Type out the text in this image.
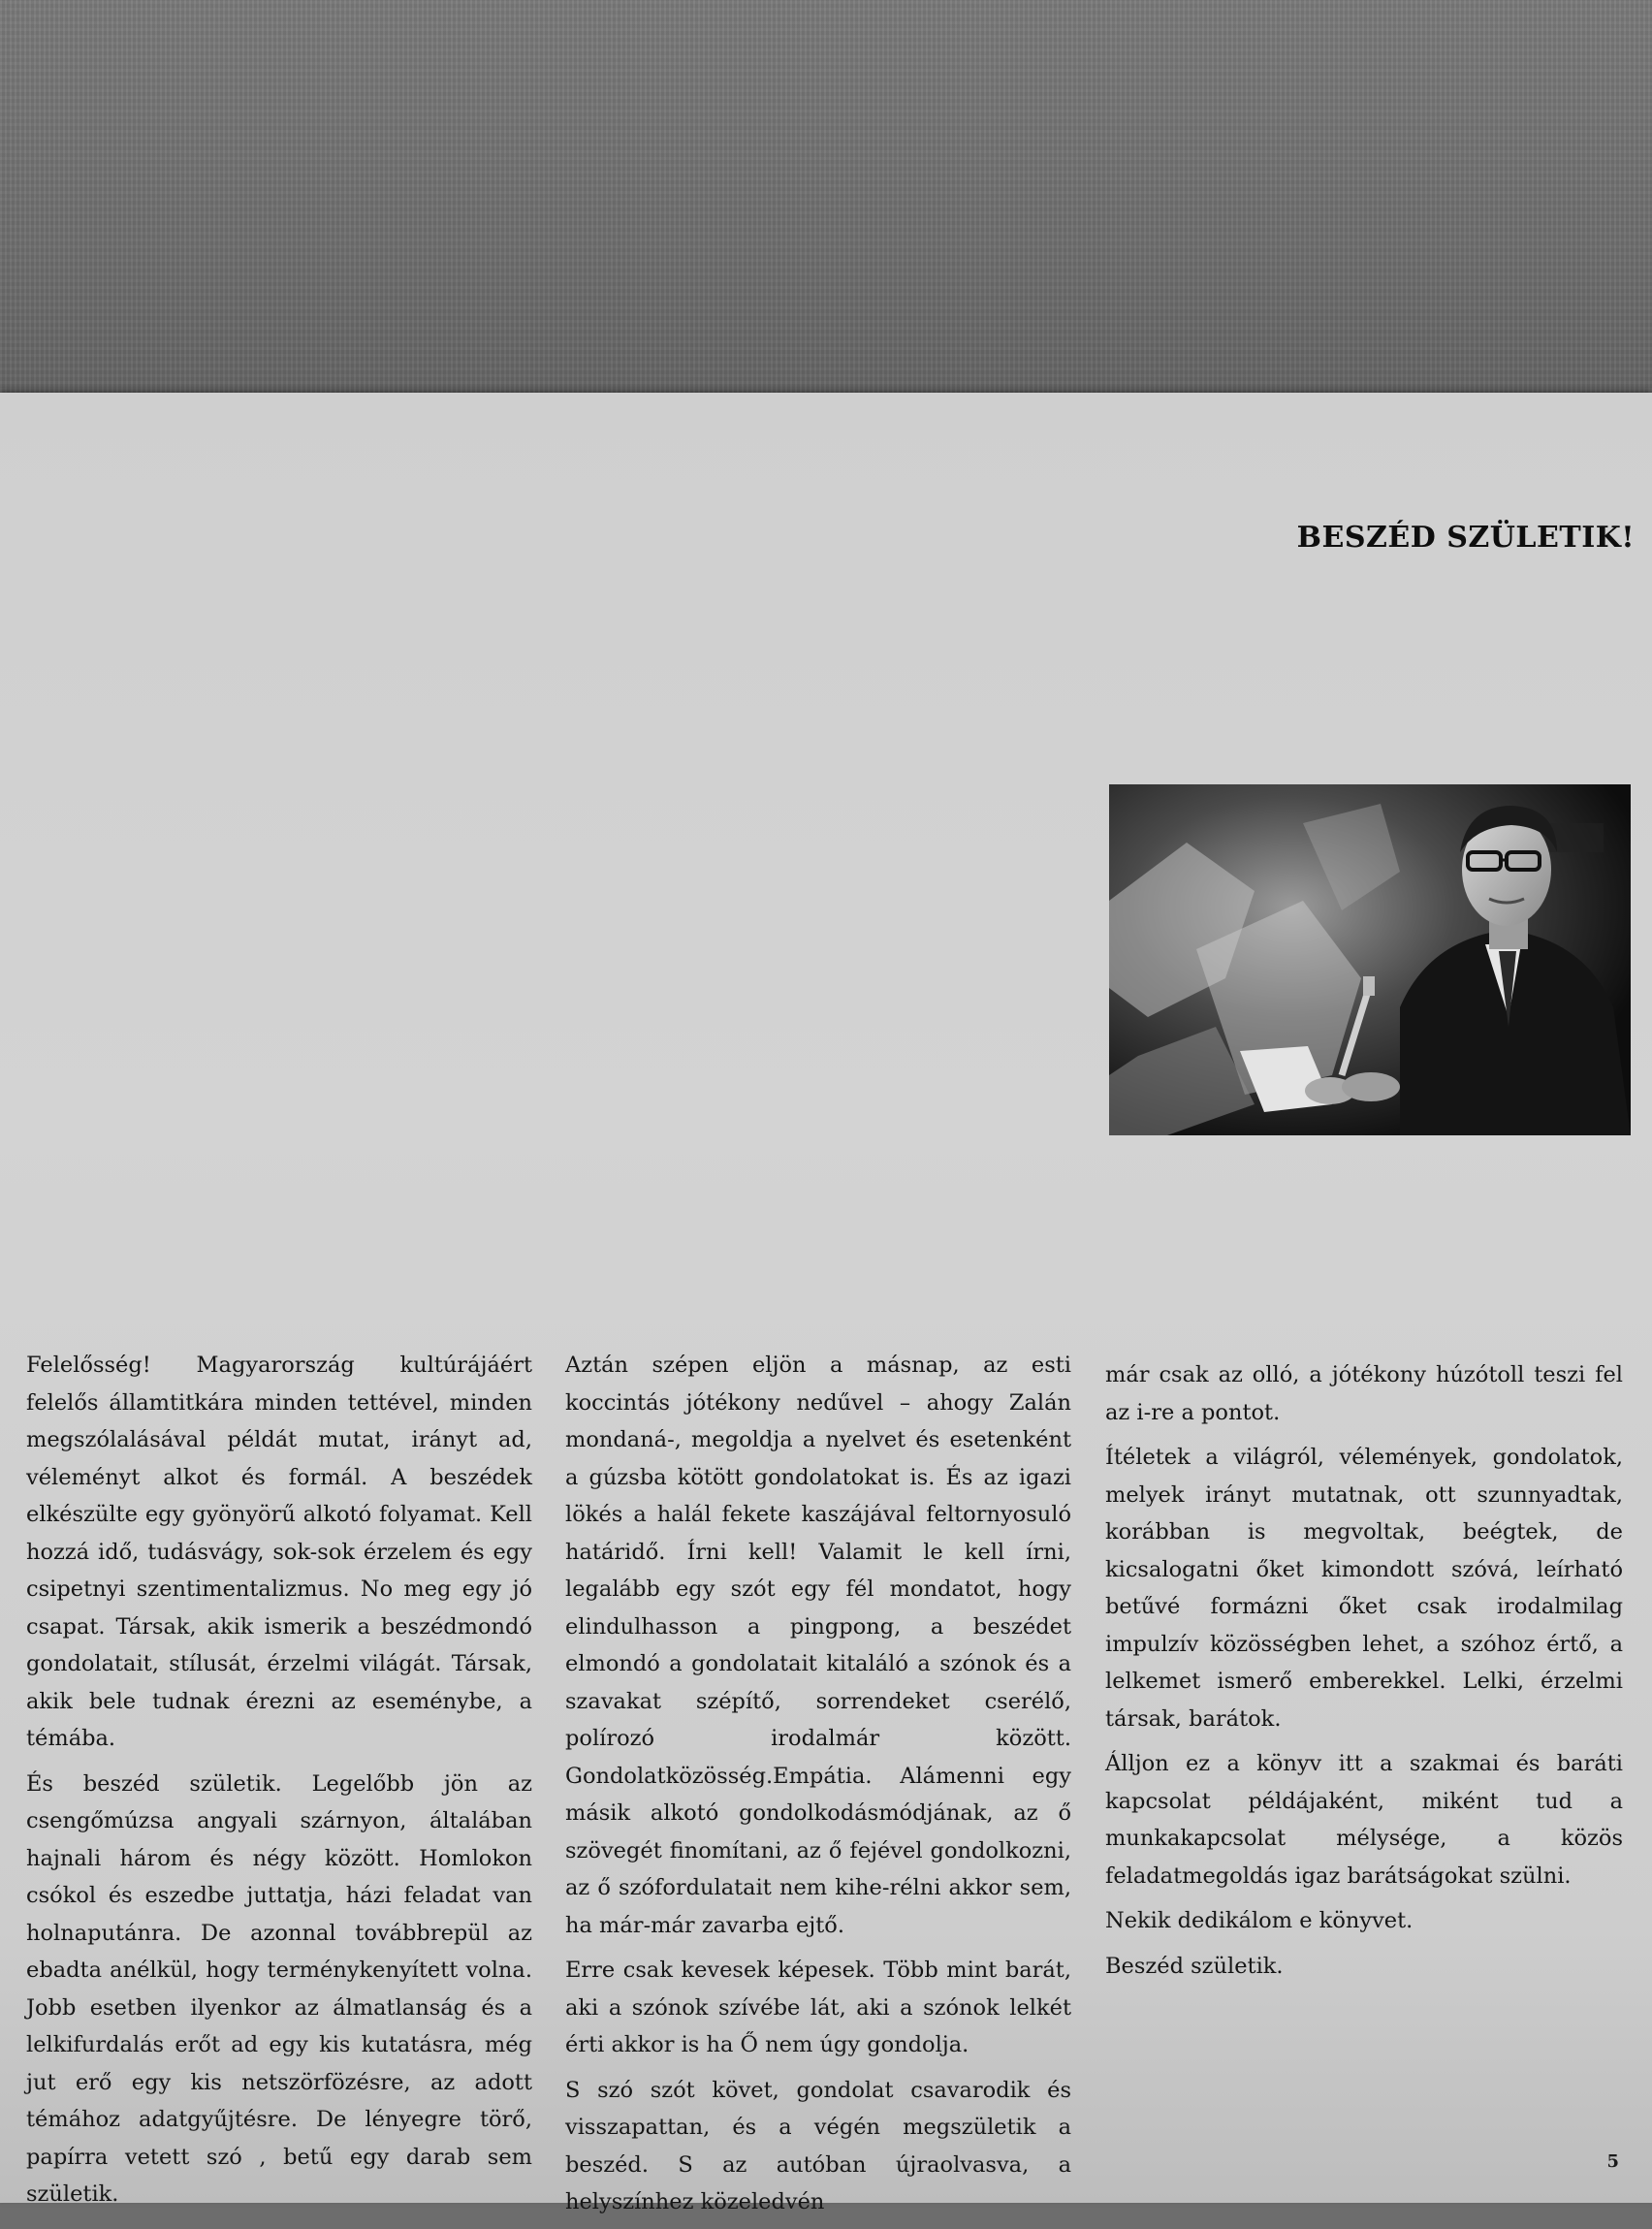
BESZÉD SZÜLETIK!

Felelősség! Magyarország kultúrájáért felelős államtitkára minden tettével, minden megszólalásával példát mutat, irányt ad, véleményt alkot és formál. A beszédek elkészülte egy gyönyörű alkotó folyamat. Kell hozzá idő, tudásvágy, sok-sok érzelem és egy csipetnyi szentimentalizmus. No meg egy jó csapat. Társak, akik ismerik a beszédmondó gondolatait, stílusát, érzelmi világát. Társak, akik bele tudnak érezni az eseménybe, a témába.

És beszéd születik. Legelőbb jön az csengőmúzsa angyali szárnyon, általában hajnali három és négy között. Homlokon csókol és eszedbe juttatja, házi feladat van holnaputánra. De azonnal továbbrepül az ebadta anélkül, hogy terménykenyített volna. Jobb esetben ilyenkor az álmatlanság és a lelkifurdalás erőt ad egy kis kutatásra, még jut erő egy kis netszörfözésre, az adott témához adatgyűjtésre. De lényegre törő, papírra vetett szó , betű egy darab sem születik.

Aztán szépen eljön a másnap, az esti koccintás jótékony nedűvel – ahogy Zalán mondaná-, megoldja a nyelvet és esetenként a gúzsba kötött gondolatokat is. És az igazi lökés a halál fekete kaszájával feltornyosuló határidő. Írni kell! Valamit le kell írni, legalább egy szót egy fél mondatot, hogy elindulhasson a pingpong, a beszédet elmondó a gondolatait kitaláló a szónok és a szavakat szépítő, sorrendeket cserélő, polírozó irodalmár között. Gondolatközösség.Empátia. Alámenni egy másik alkotó gondolkodásmódjának, az ő szövegét finomítani, az ő fejével gondolkozni, az ő szófordulatait nem kihe-rélni akkor sem, ha már-már zavarba ejtő.

Erre csak kevesek képesek. Több mint barát, aki a szónok szívébe lát, aki a szónok lelkét érti akkor is ha Ő nem úgy gondolja.

S szó szót követ, gondolat csavarodik és visszapattan, és a végén megszületik a beszéd. S az autóban újraolvasva, a helyszínhez közeledvén

már csak az olló, a jótékony húzótoll teszi fel az i-re a pontot.

Ítéletek a világról, vélemények, gondolatok, melyek irányt mutatnak, ott szunnyadtak, korábban is megvoltak, beégtek, de kicsalogatni őket kimondott szóvá, leírható betűvé formázni őket csak irodalmilag impulzív közösségben lehet, a szóhoz értő, a lelkemet ismerő emberekkel. Lelki, érzelmi társak, barátok.

Álljon ez a könyv itt a szakmai és baráti kapcsolat példájaként, miként tud a munkakapcsolat mélysége, a közös feladatmegoldás igaz barátságokat szülni.

Nekik dedikálom e könyvet.

Beszéd születik.

5
